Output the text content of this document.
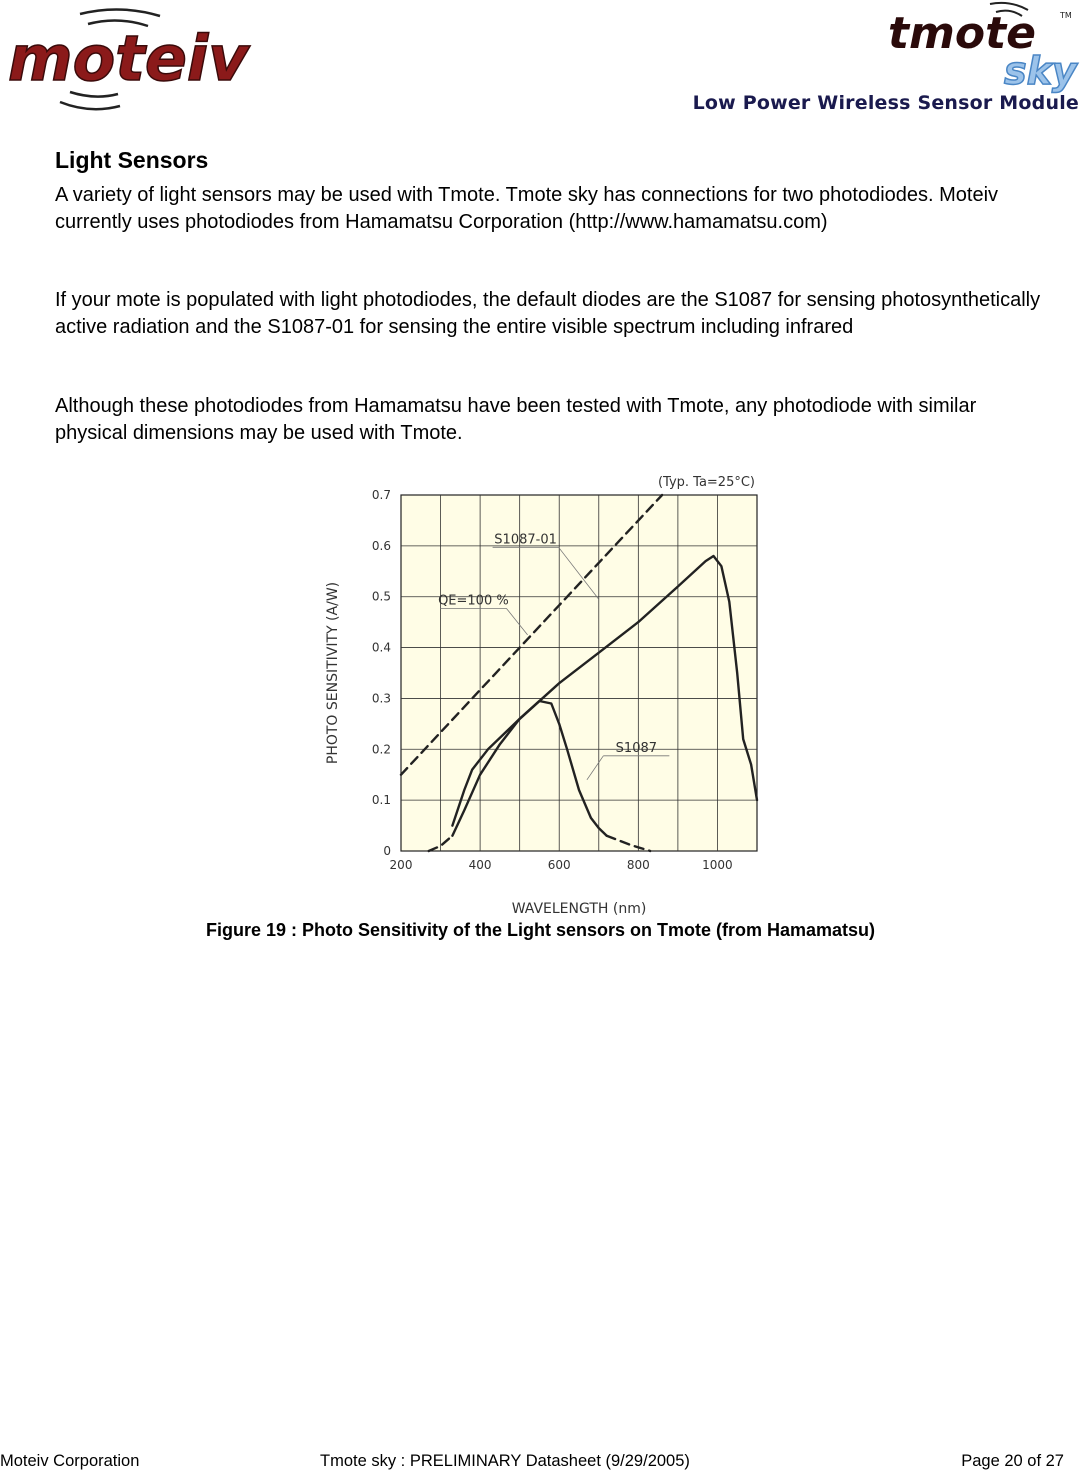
moteiv	tmote	TM
sky
Low Power Wireless Sensor Module
Light Sensors

A variety of light sensors may be used with Tmote. Tmote sky has connections for two photodiodes. Moteiv currently uses photodiodes from Hamamatsu Corporation (http://www.hamamatsu.com)

If your mote is populated with light photodiodes, the default diodes are the S1087 for sensing photosynthetically active radiation and the S1087-01 for sensing the entire visible spectrum including infrared

Although these photodiodes from Hamamatsu have been tested with Tmote, any photodiode with similar physical dimensions may be used with Tmote.

200	400	600	800	1000
0
0.1
0.2
0.3
0.4
0.5
0.6
0.7
S1087-01
QE=100 %
S1087
(Typ. Ta=25°C)
WAVELENGTH (nm)
PHOTO SENSITIVITY (A/W)

Figure 19 : Photo Sensitivity of the Light sensors on Tmote (from Hamamatsu)

Moteiv Corporation	Tmote sky : PRELIMINARY Datasheet (9/29/2005)	Page 20 of 27
